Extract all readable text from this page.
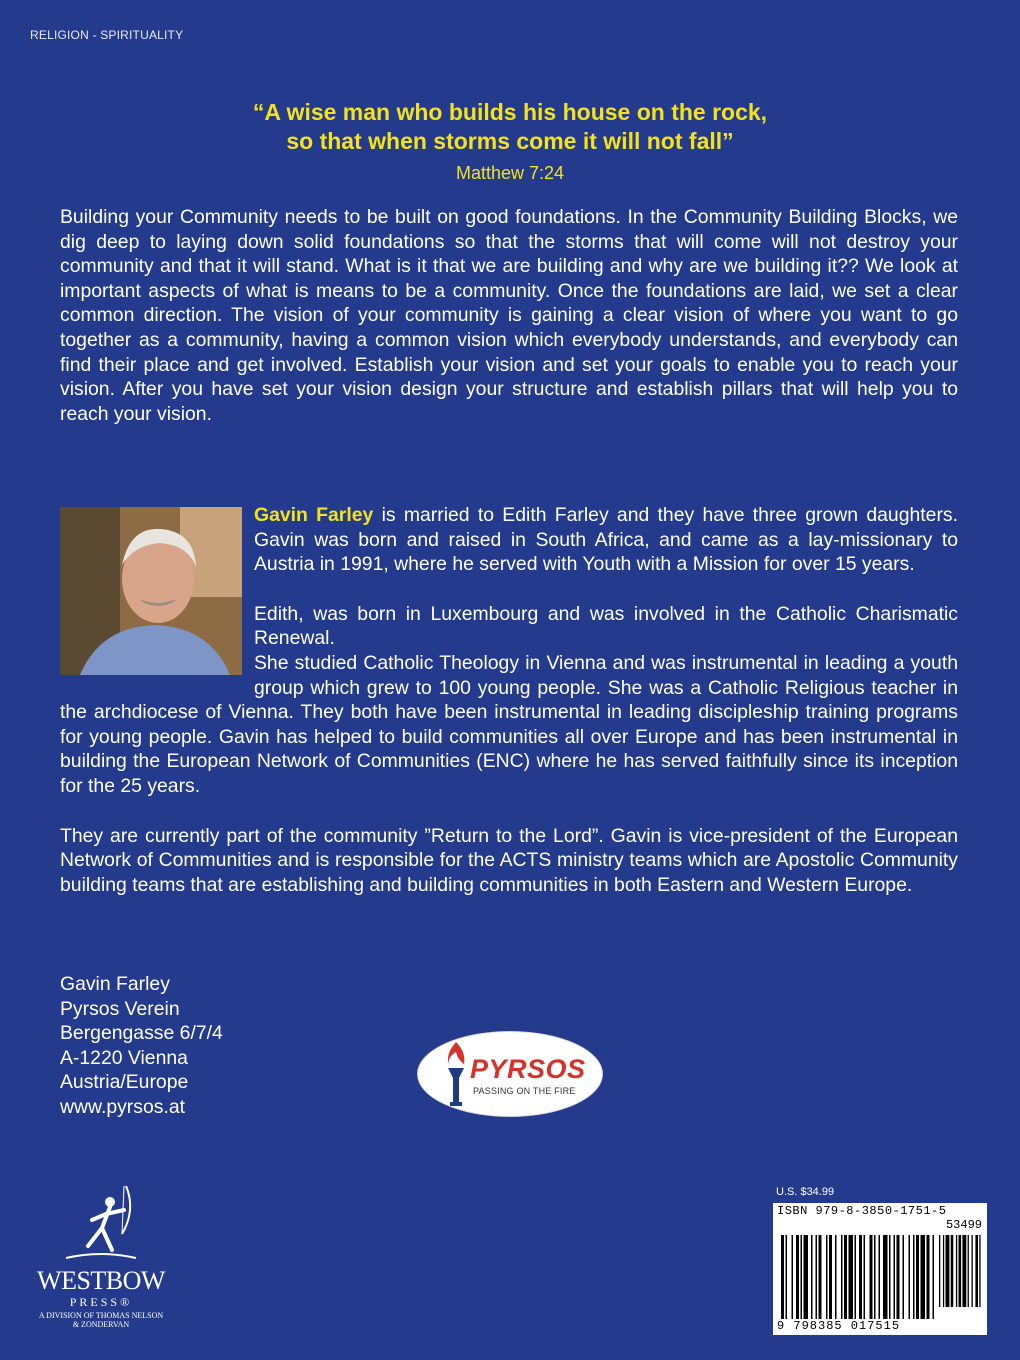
RELIGION - SPIRITUALITY
“A wise man who builds his house on the rock,
so that when storms come it will not fall”
Matthew 7:24
Building your Community needs to be built on good foundations. In the Community Building Blocks, we dig deep to laying down solid foundations so that the storms that will come will not destroy your community and that it will stand. What is it that we are building and why are we building it?? We look at important aspects of what is means to be a community. Once the foundations are laid, we set a clear common direction. The vision of your community is gaining a clear vision of where you want to go together as a community, having a common vision which everybody understands, and everybody can find their place and get involved. Establish your vision and set your goals to enable you to reach your vision. After you have set your vision design your structure and establish pillars that will help you to reach your vision.

Gavin Farley is married to Edith Farley and they have three grown daughters. Gavin was born and raised in South Africa, and came as a lay-missionary to Austria in 1991, where he served with Youth with a Mission for over 15 years.

Edith, was born in Luxembourg and was involved in the Catholic Charismatic Renewal.

She studied Catholic Theology in Vienna and was instrumental in leading a youth group which grew to 100 young people. She was a Catholic Religious teacher in the archdiocese of Vienna. They both have been instrumental in leading discipleship training programs for young people. Gavin has helped to build communities all over Europe and has been instrumental in building the European Network of Communities (ENC) where he has served faithfully since its inception for the 25 years.

They are currently part of the community ”Return to the Lord”. Gavin is vice-president of the European Network of Communities and is responsible for the ACTS ministry teams which are Apostolic Community building teams that are establishing and building communities in both Eastern and Western Europe.

Gavin Farley
Pyrsos Verein
Bergengasse 6/7/4
A-1220 Vienna
Austria/Europe
www.pyrsos.at
PYRSOS
PASSING ON THE FIRE
U.S. $34.99
ISBN 979-8-3850-1751-5
53499
9 798385 017515
WESTBOW
PRESS®
A DIVISION OF THOMAS NELSON
& ZONDERVAN
